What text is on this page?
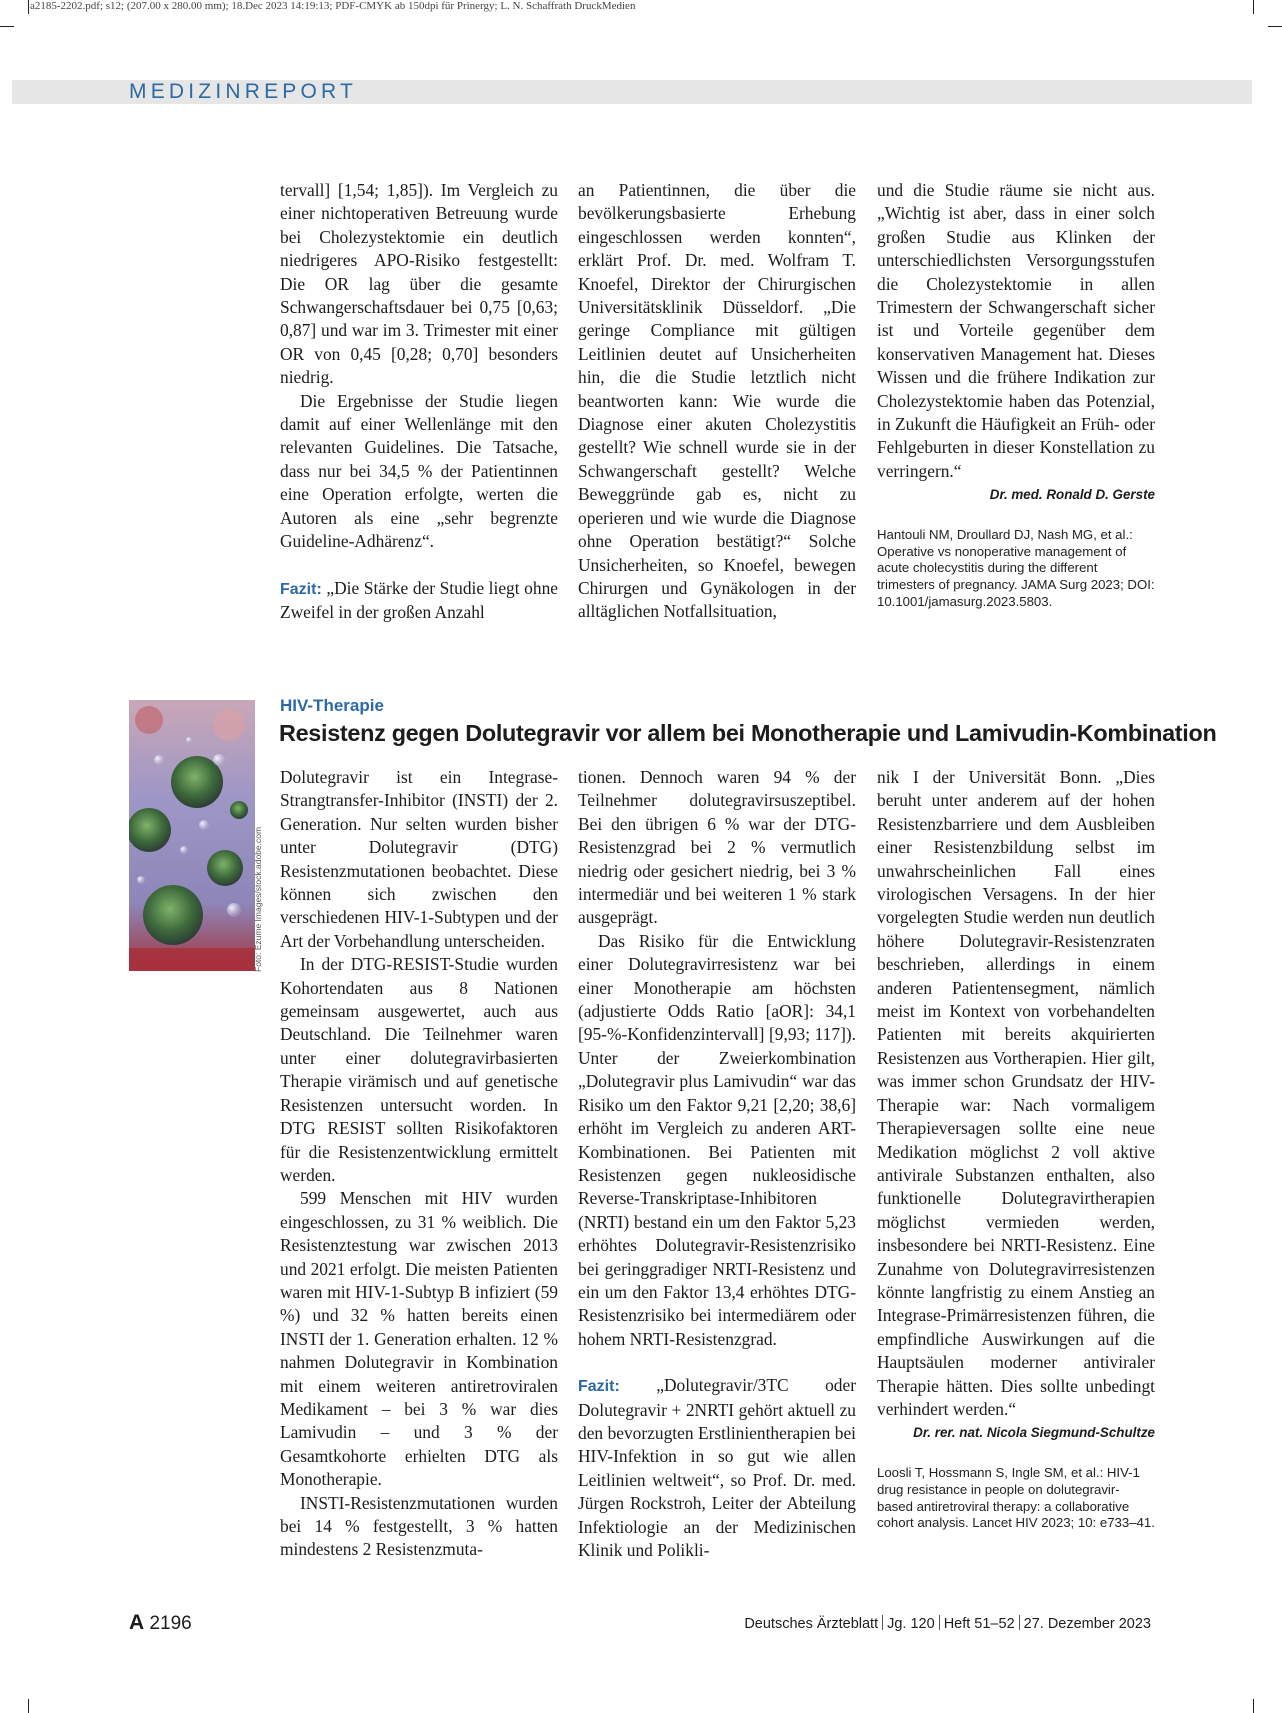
a2185-2202.pdf; s12; (207.00 x 280.00 mm); 18.Dec 2023 14:19:13; PDF-CMYK ab 150dpi für Prinergy; L. N. Schaffrath DruckMedien
MEDIZINREPORT

tervall] [1,54; 1,85]). Im Vergleich zu einer nichtoperativen Betreuung wurde bei Cholezystektomie ein deutlich niedrigeres APO-Risiko festgestellt: Die OR lag über die gesamte Schwangerschaftsdauer bei 0,75 [0,63; 0,87] und war im 3. Trimester mit einer OR von 0,45 [0,28; 0,70] besonders niedrig.

Die Ergebnisse der Studie liegen damit auf einer Wellenlänge mit den relevanten Guidelines. Die Tatsache, dass nur bei 34,5 % der Patientinnen eine Operation erfolgte, werten die Autoren als eine „sehr begrenzte Guideline-Adhärenz“.

Fazit: „Die Stärke der Studie liegt ohne Zweifel in der großen Anzahl

an Patientinnen, die über die bevölkerungsbasierte Erhebung eingeschlossen werden konnten“, erklärt Prof. Dr. med. Wolfram T. Knoefel, Direktor der Chirurgischen Universitätsklinik Düsseldorf. „Die geringe Compliance mit gültigen Leitlinien deutet auf Unsicherheiten hin, die die Studie letztlich nicht beantworten kann: Wie wurde die Diagnose einer akuten Cholezystitis gestellt? Wie schnell wurde sie in der Schwangerschaft gestellt? Welche Beweggründe gab es, nicht zu operieren und wie wurde die Diagnose ohne Operation bestätigt?“ Solche Unsicherheiten, so Knoefel, bewegen Chirurgen und Gynäkologen in der alltäglichen Notfallsituation,

und die Studie räume sie nicht aus. „Wichtig ist aber, dass in einer solch großen Studie aus Klinken der unterschiedlichsten Versorgungsstufen die Cholezystektomie in allen Trimestern der Schwangerschaft sicher ist und Vorteile gegenüber dem konservativen Management hat. Dieses Wissen und die frühere Indikation zur Cholezystektomie haben das Potenzial, in Zukunft die Häufigkeit an Früh- oder Fehlgeburten in dieser Konstellation zu verringern.“

Dr. med. Ronald D. Gerste
Hantouli NM, Droullard DJ, Nash MG, et al.: Operative vs nonoperative management of acute cholecystitis during the different trimesters of pregnancy. JAMA Surg 2023; DOI: 10.1001/jamasurg.2023.5803.
Foto: Ezume Images/stock.adobe.com
HIV-Therapie
Resistenz gegen Dolutegravir vor allem bei Monotherapie und Lamivudin-Kombination

Dolutegravir ist ein Integrase-Strangtransfer-Inhibitor (INSTI) der 2. Generation. Nur selten wurden bisher unter Dolutegravir (DTG) Resistenzmutationen beobachtet. Diese können sich zwischen den verschiedenen HIV-1-Subtypen und der Art der Vorbehandlung unterscheiden.

In der DTG-RESIST-Studie wurden Kohortendaten aus 8 Nationen gemeinsam ausgewertet, auch aus Deutschland. Die Teilnehmer waren unter einer dolutegravirbasierten Therapie virämisch und auf genetische Resistenzen untersucht worden. In DTG RESIST sollten Risikofaktoren für die Resistenzentwicklung ermittelt werden.

599 Menschen mit HIV wurden eingeschlossen, zu 31 % weiblich. Die Resistenztestung war zwischen 2013 und 2021 erfolgt. Die meisten Patienten waren mit HIV-1-Subtyp B infiziert (59 %) und 32 % hatten bereits einen INSTI der 1. Generation erhalten. 12 % nahmen Dolutegravir in Kombination mit einem weiteren antiretroviralen Medikament – bei 3 % war dies Lamivudin – und 3 % der Gesamtkohorte erhielten DTG als Monotherapie.

INSTI-Resistenzmutationen wurden bei 14 % festgestellt, 3 % hatten mindestens 2 Resistenzmuta-

tionen. Dennoch waren 94 % der Teilnehmer dolutegravirsuszeptibel. Bei den übrigen 6 % war der DTG-Resistenzgrad bei 2 % vermutlich niedrig oder gesichert niedrig, bei 3 % intermediär und bei weiteren 1 % stark ausgeprägt.

Das Risiko für die Entwicklung einer Dolutegravirresistenz war bei einer Monotherapie am höchsten (adjustierte Odds Ratio [aOR]: 34,1 [95-%-Konfidenzintervall] [9,93; 117]). Unter der Zweierkombination „Dolutegravir plus Lamivudin“ war das Risiko um den Faktor 9,21 [2,20; 38,6] erhöht im Vergleich zu anderen ART-Kombinationen. Bei Patienten mit Resistenzen gegen nukleosidische Reverse-Transkriptase-Inhibitoren (NRTI) bestand ein um den Faktor 5,23 erhöhtes Dolutegravir-Resistenzrisiko bei geringgradiger NRTI-Resistenz und ein um den Faktor 13,4 erhöhtes DTG-Resistenzrisiko bei intermediärem oder hohem NRTI-Resistenzgrad.

Fazit: „Dolutegravir/3TC oder Dolutegravir + 2NRTI gehört aktuell zu den bevorzugten Erstlinientherapien bei HIV-Infektion in so gut wie allen Leitlinien weltweit“, so Prof. Dr. med. Jürgen Rockstroh, Leiter der Abteilung Infektiologie an der Medizinischen Klinik und Polikli-

nik I der Universität Bonn. „Dies beruht unter anderem auf der hohen Resistenzbarriere und dem Ausbleiben einer Resistenzbildung selbst im unwahrscheinlichen Fall eines virologischen Versagens. In der hier vorgelegten Studie werden nun deutlich höhere Dolutegravir-Resistenzraten beschrieben, allerdings in einem anderen Patientensegment, nämlich meist im Kontext von vorbehandelten Patienten mit bereits akquirierten Resistenzen aus Vortherapien. Hier gilt, was immer schon Grundsatz der HIV-Therapie war: Nach vormaligem Therapieversagen sollte eine neue Medikation möglichst 2 voll aktive antivirale Substanzen enthalten, also funktionelle Dolutegravirtherapien möglichst vermieden werden, insbesondere bei NRTI-Resistenz. Eine Zunahme von Dolutegravirresistenzen könnte langfristig zu einem Anstieg an Integrase-Primärresistenzen führen, die empfindliche Auswirkungen auf die Hauptsäulen moderner antiviraler Therapie hätten. Dies sollte unbedingt verhindert werden.“

Dr. rer. nat. Nicola Siegmund-Schultze
Loosli T, Hossmann S, Ingle SM, et al.: HIV-1 drug resistance in people on dolutegravir-based antiretroviral therapy: a collaborative cohort analysis. Lancet HIV 2023; 10: e733–41.
A 2196	Deutsches Ärzteblatt Jg. 120 Heft 51–52 27. Dezember 2023
